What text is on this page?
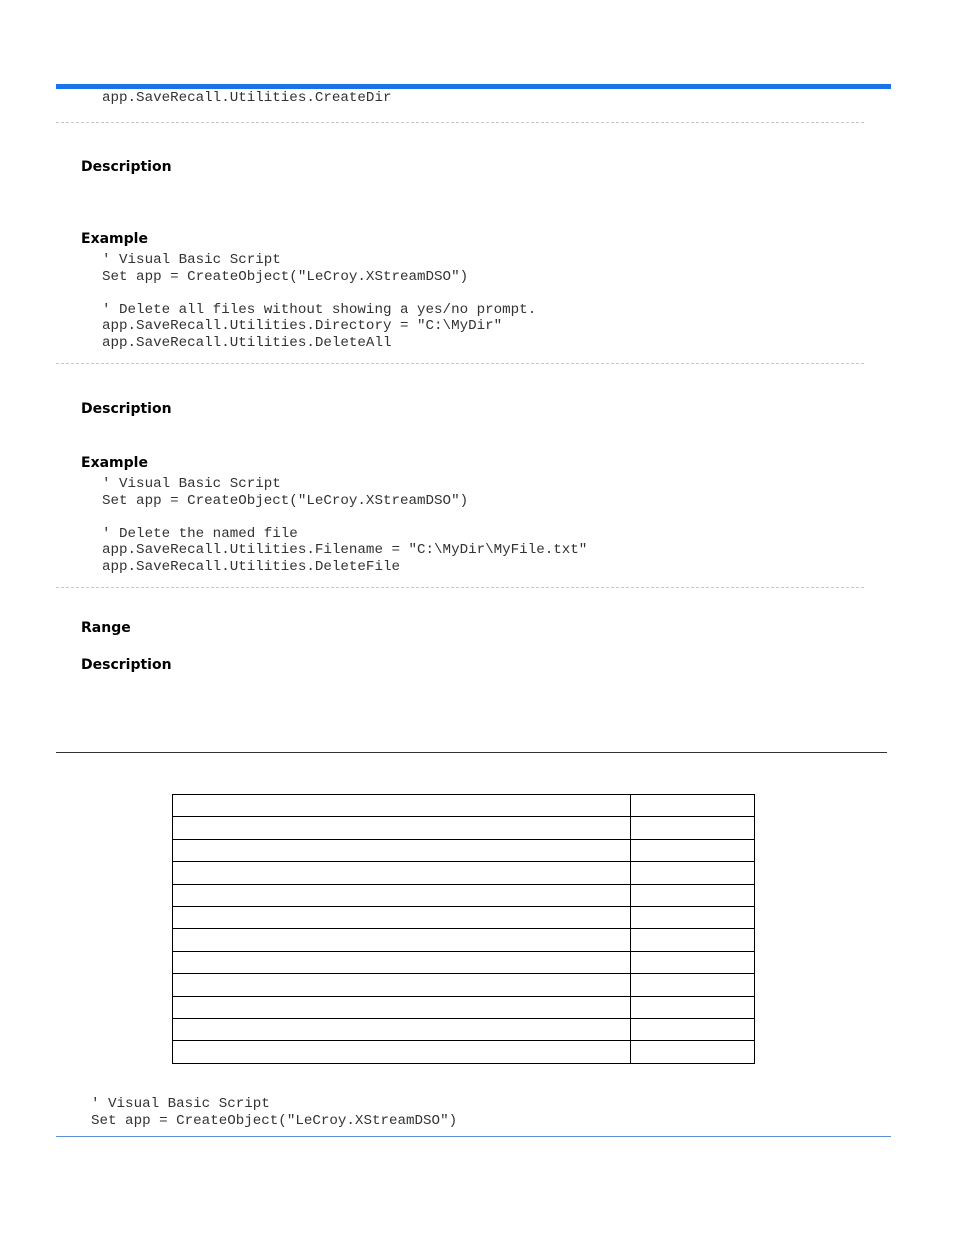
app.SaveRecall.Utilities.CreateDir
Description
Example
' Visual Basic Script
Set app = CreateObject("LeCroy.XStreamDSO")

' Delete all files without showing a yes/no prompt.
app.SaveRecall.Utilities.Directory = "C:\MyDir"
app.SaveRecall.Utilities.DeleteAll
Description
Example
' Visual Basic Script
Set app = CreateObject("LeCroy.XStreamDSO")

' Delete the named file
app.SaveRecall.Utilities.Filename = "C:\MyDir\MyFile.txt"
app.SaveRecall.Utilities.DeleteFile
Range
Description

' Visual Basic Script
Set app = CreateObject("LeCroy.XStreamDSO")
